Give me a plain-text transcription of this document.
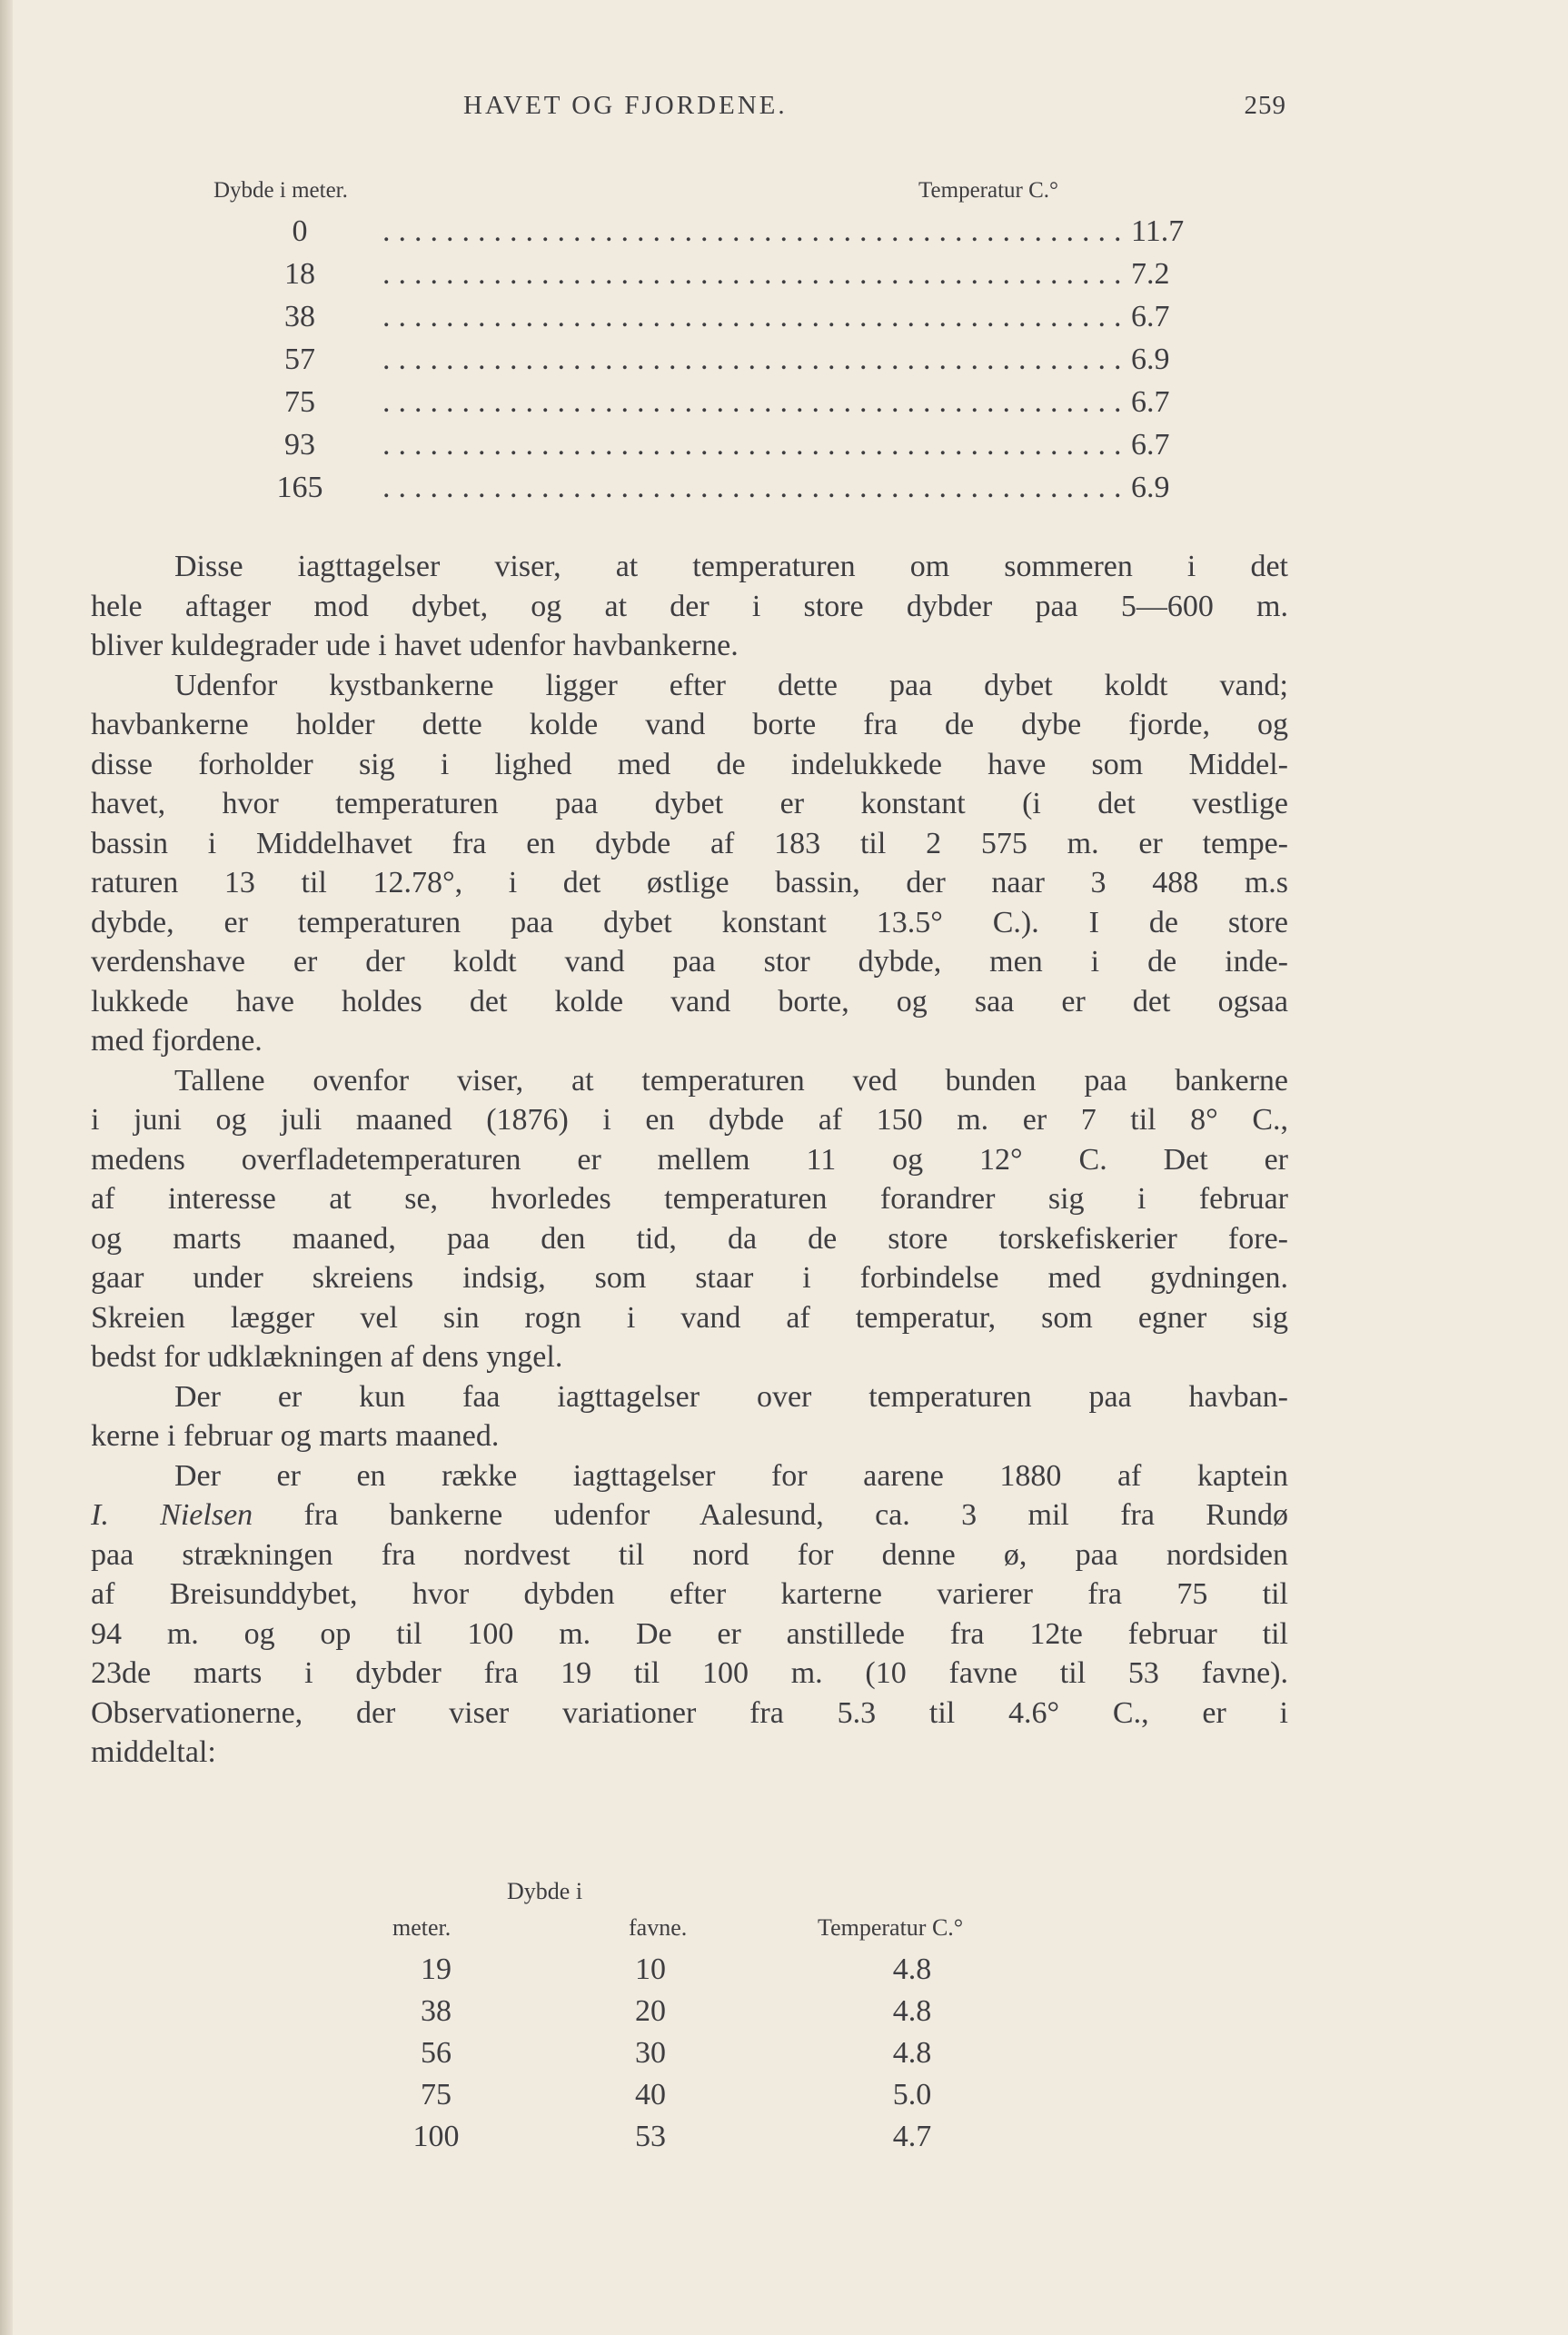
HAVET OG FJORDENE.	259
Dybde i meter.	Temperatur C.°
0	............................................... 11.7
18	............................................... 7.2
38	............................................... 6.7
57	............................................... 6.9
75	............................................... 6.7
93	............................................... 6.7
165	............................................... 6.9

Disse iagttagelser viser, at temperaturen om sommeren i det

hele aftager mod dybet, og at der i store dybder paa 5—600 m.

bliver kuldegrader ude i havet udenfor havbankerne.

Udenfor kystbankerne ligger efter dette paa dybet koldt vand;

havbankerne holder dette kolde vand borte fra de dybe fjorde, og

disse forholder sig i lighed med de indelukkede have som Middel-

havet, hvor temperaturen paa dybet er konstant (i det vestlige

bassin i Middelhavet fra en dybde af 183 til 2 575 m. er tempe-

raturen 13 til 12.78°, i det østlige bassin, der naar 3 488 m.s

dybde, er temperaturen paa dybet konstant 13.5° C.). I de store

verdenshave er der koldt vand paa stor dybde, men i de inde-

lukkede have holdes det kolde vand borte, og saa er det ogsaa

med fjordene.

Tallene ovenfor viser, at temperaturen ved bunden paa bankerne

i juni og juli maaned (1876) i en dybde af 150 m. er 7 til 8° C.,

medens overfladetemperaturen er mellem 11 og 12° C. Det er

af interesse at se, hvorledes temperaturen forandrer sig i februar

og marts maaned, paa den tid, da de store torskefiskerier fore-

gaar under skreiens indsig, som staar i forbindelse med gydningen.

Skreien lægger vel sin rogn i vand af temperatur, som egner sig

bedst for udklækningen af dens yngel.

Der er kun faa iagttagelser over temperaturen paa havban-

kerne i februar og marts maaned.

Der er en række iagttagelser for aarene 1880 af kaptein

I. Nielsen fra bankerne udenfor Aalesund, ca. 3 mil fra Rundø

paa strækningen fra nordvest til nord for denne ø, paa nordsiden

af Breisunddybet, hvor dybden efter karterne varierer fra 75 til

94 m. og op til 100 m. De er anstillede fra 12te februar til

23de marts i dybder fra 19 til 100 m. (10 favne til 53 favne).

Observationerne, der viser variationer fra 5.3 til 4.6° C., er i

middeltal:

Dybde i
meter.	favne.	Temperatur C.°
19	10	4.8
38	20	4.8
56	30	4.8
75	40	5.0
100	53	4.7
